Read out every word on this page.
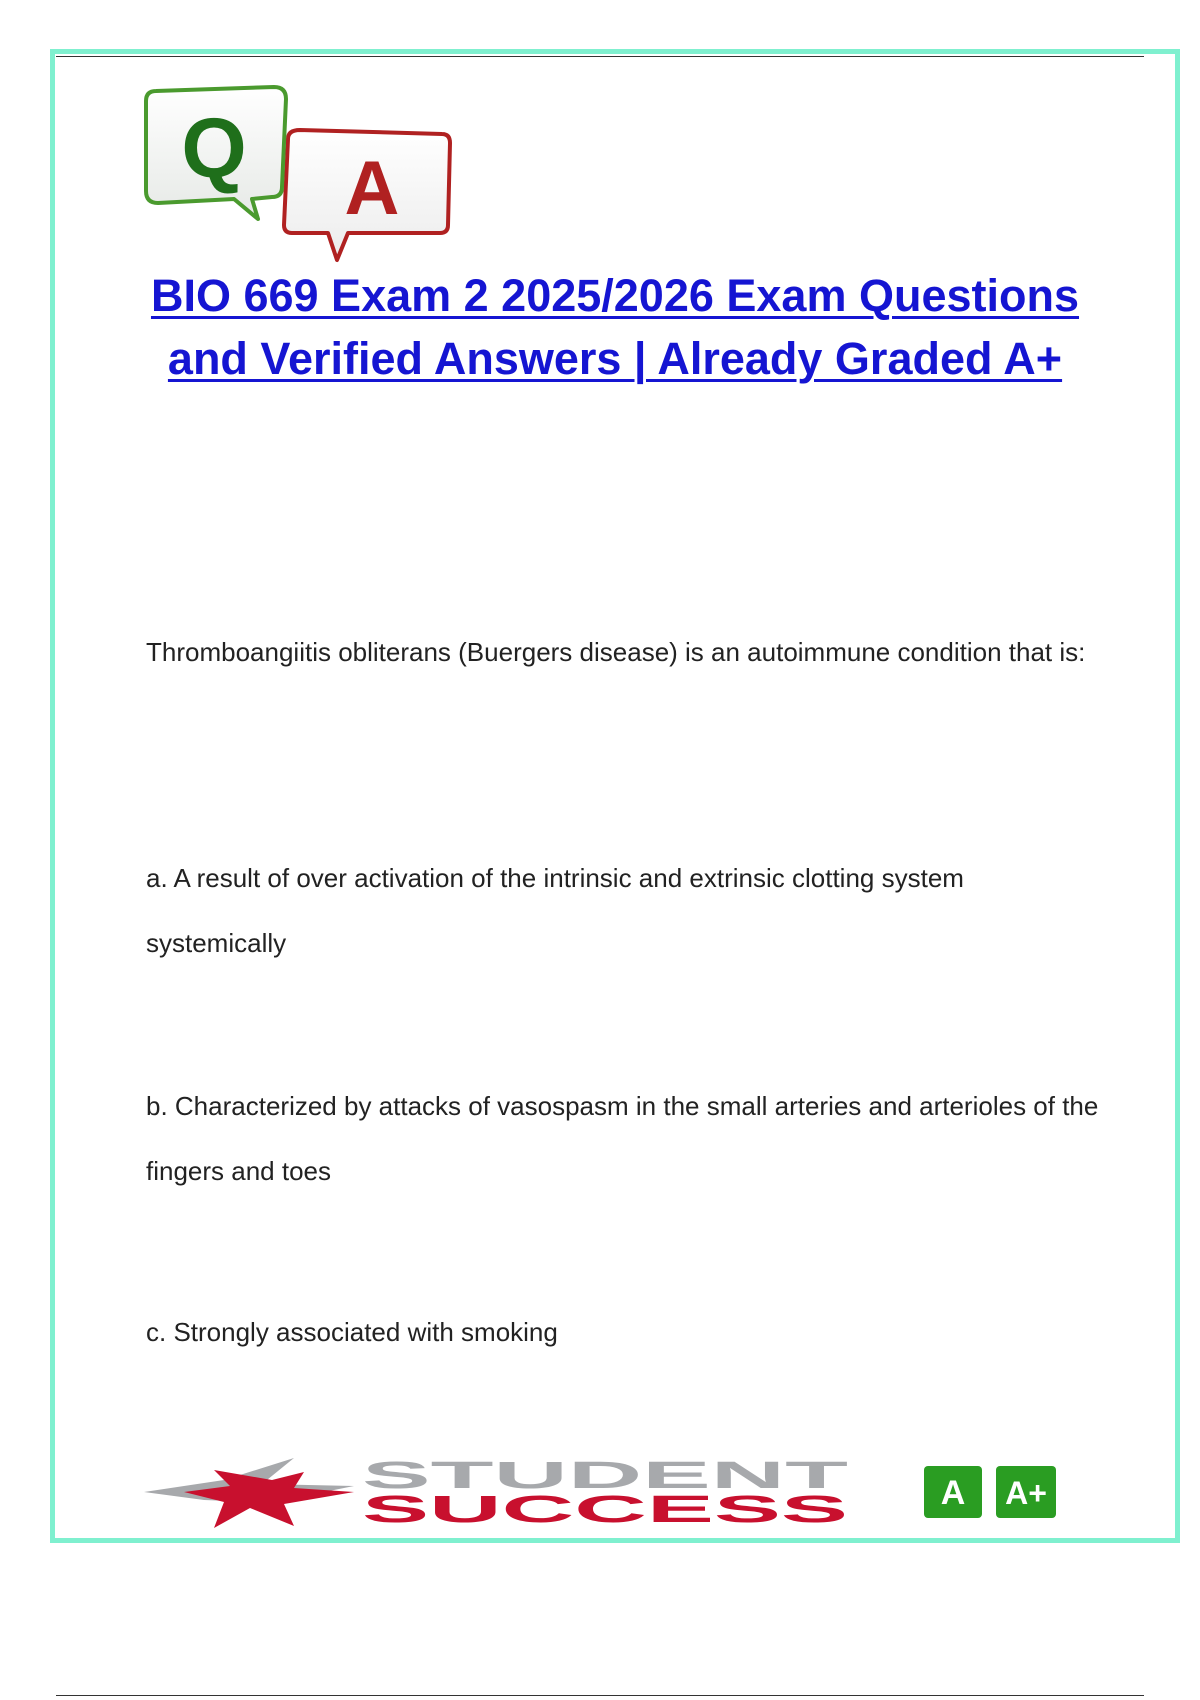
A
Q
BIO 669 Exam 2 2025/2026 Exam Questions and Verified Answers | Already Graded A+
Thromboangiitis obliterans (Buergers disease) is an autoimmune condition that is:
a. A result of over activation of the intrinsic and extrinsic clotting system systemically
b. Characterized by attacks of vasospasm in the small arteries and arterioles of the fingers and toes
c. Strongly associated with smoking
STUDENT
SUCCESS	A A+
